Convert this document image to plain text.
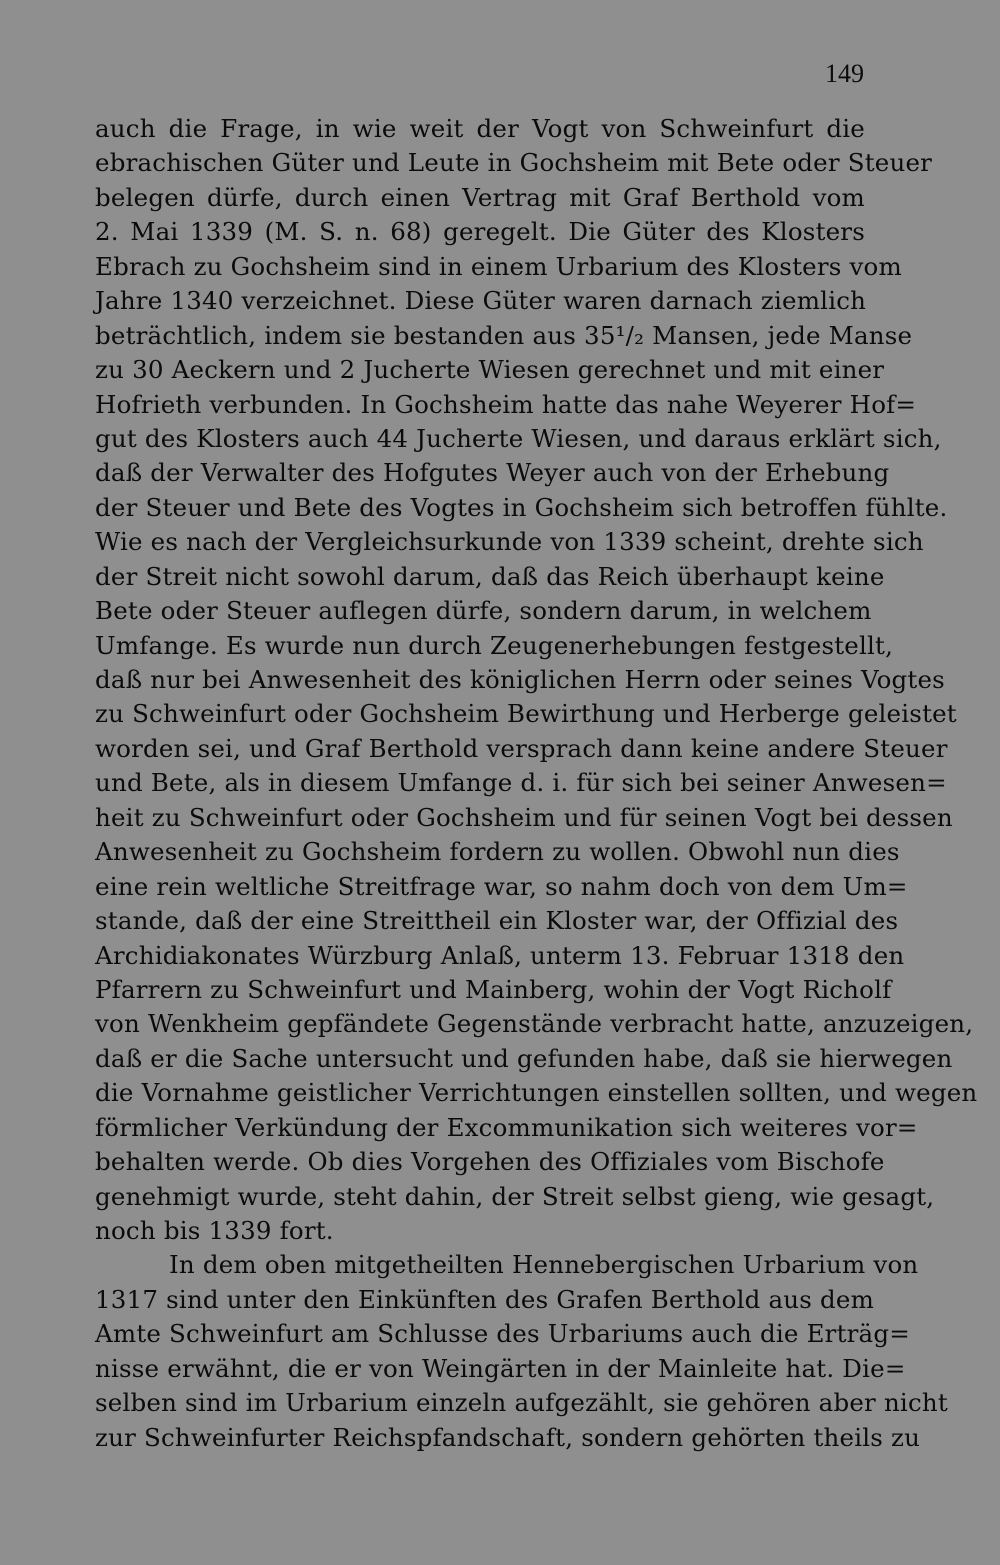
149
auch die Frage, in wie weit der Vogt von Schweinfurt die
ebrachischen Güter und Leute in Gochsheim mit Bete oder Steuer
belegen dürfe, durch einen Vertrag mit Graf Berthold vom
2. Mai 1339 (M. S. n. 68) geregelt. Die Güter des Klosters
Ebrach zu Gochsheim sind in einem Urbarium des Klosters vom
Jahre 1340 verzeichnet. Diese Güter waren darnach ziemlich
beträchtlich, indem sie bestanden aus 35¹/₂ Mansen, jede Manse
zu 30 Aeckern und 2 Jucherte Wiesen gerechnet und mit einer
Hofrieth verbunden. In Gochsheim hatte das nahe Weyerer Hof=
gut des Klosters auch 44 Jucherte Wiesen, und daraus erklärt sich,
daß der Verwalter des Hofgutes Weyer auch von der Erhebung
der Steuer und Bete des Vogtes in Gochsheim sich betroffen fühlte.
Wie es nach der Vergleichsurkunde von 1339 scheint, drehte sich
der Streit nicht sowohl darum, daß das Reich überhaupt keine
Bete oder Steuer auflegen dürfe, sondern darum, in welchem
Umfange. Es wurde nun durch Zeugenerhebungen festgestellt,
daß nur bei Anwesenheit des königlichen Herrn oder seines Vogtes
zu Schweinfurt oder Gochsheim Bewirthung und Herberge geleistet
worden sei, und Graf Berthold versprach dann keine andere Steuer
und Bete, als in diesem Umfange d. i. für sich bei seiner Anwesen=
heit zu Schweinfurt oder Gochsheim und für seinen Vogt bei dessen
Anwesenheit zu Gochsheim fordern zu wollen. Obwohl nun dies
eine rein weltliche Streitfrage war, so nahm doch von dem Um=
stande, daß der eine Streittheil ein Kloster war, der Offizial des
Archidiakonates Würzburg Anlaß, unterm 13. Februar 1318 den
Pfarrern zu Schweinfurt und Mainberg, wohin der Vogt Richolf
von Wenkheim gepfändete Gegenstände verbracht hatte, anzuzeigen,
daß er die Sache untersucht und gefunden habe, daß sie hierwegen
die Vornahme geistlicher Verrichtungen einstellen sollten, und wegen
förmlicher Verkündung der Excommunikation sich weiteres vor=
behalten werde. Ob dies Vorgehen des Offiziales vom Bischofe
genehmigt wurde, steht dahin, der Streit selbst gieng, wie gesagt,
noch bis 1339 fort.
In dem oben mitgetheilten Hennebergischen Urbarium von
1317 sind unter den Einkünften des Grafen Berthold aus dem
Amte Schweinfurt am Schlusse des Urbariums auch die Erträg=
nisse erwähnt, die er von Weingärten in der Mainleite hat. Die=
selben sind im Urbarium einzeln aufgezählt, sie gehören aber nicht
zur Schweinfurter Reichspfandschaft, sondern gehörten theils zu
